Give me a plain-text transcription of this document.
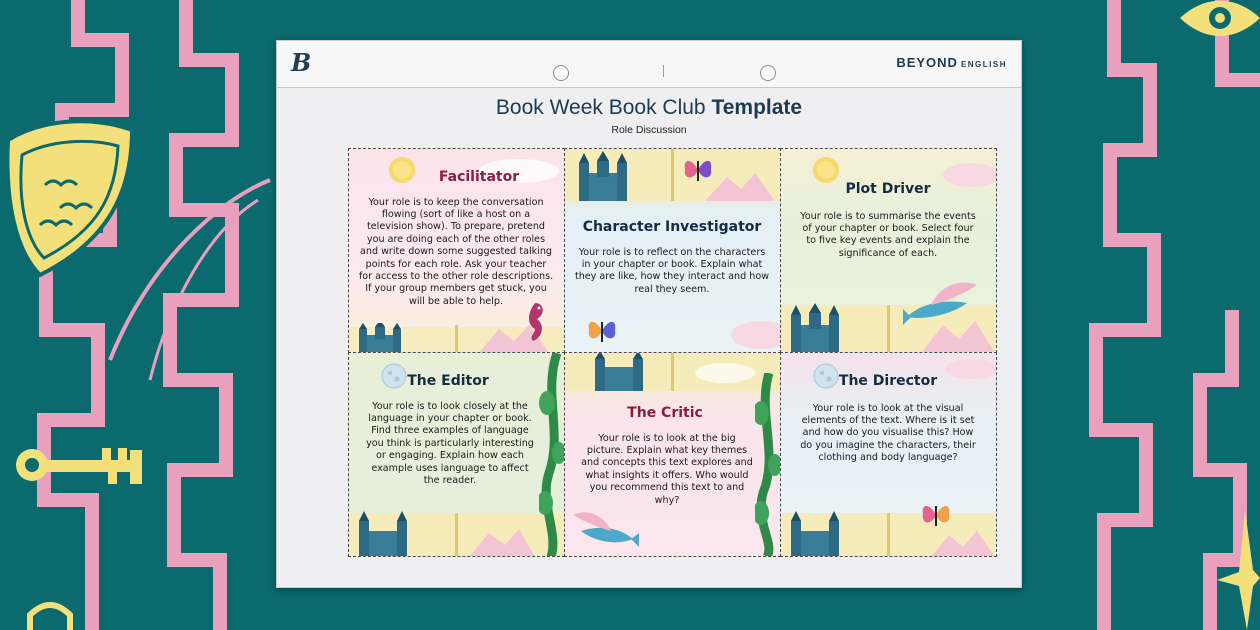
B	BEYOND ENGLISH
Book Week Book Club Template
Role Discussion
Facilitator

Your role is to keep the conversation flowing (sort of like a host on a television show). To prepare, pretend you are doing each of the other roles and write down some suggested talking points for each role. Ask your teacher for access to the other role descriptions. If your group members get stuck, you will be able to help.

Character Investigator

Your role is to reflect on the characters in your chapter or book. Explain what they are like, how they interact and how real they seem.

Plot Driver

Your role is to summarise the events of your chapter or book. Select four to five key events and explain the significance of each.

The Editor

Your role is to look closely at the language in your chapter or book. Find three examples of language you think is particularly interesting or engaging. Explain how each example uses language to affect the reader.

The Critic

Your role is to look at the big picture. Explain what key themes and concepts this text explores and what insights it offers. Who would you recommend this text to and why?

The Director

Your role is to look at the visual elements of the text. Where is it set and how do you visualise this? How do you imagine the characters, their clothing and body language?
